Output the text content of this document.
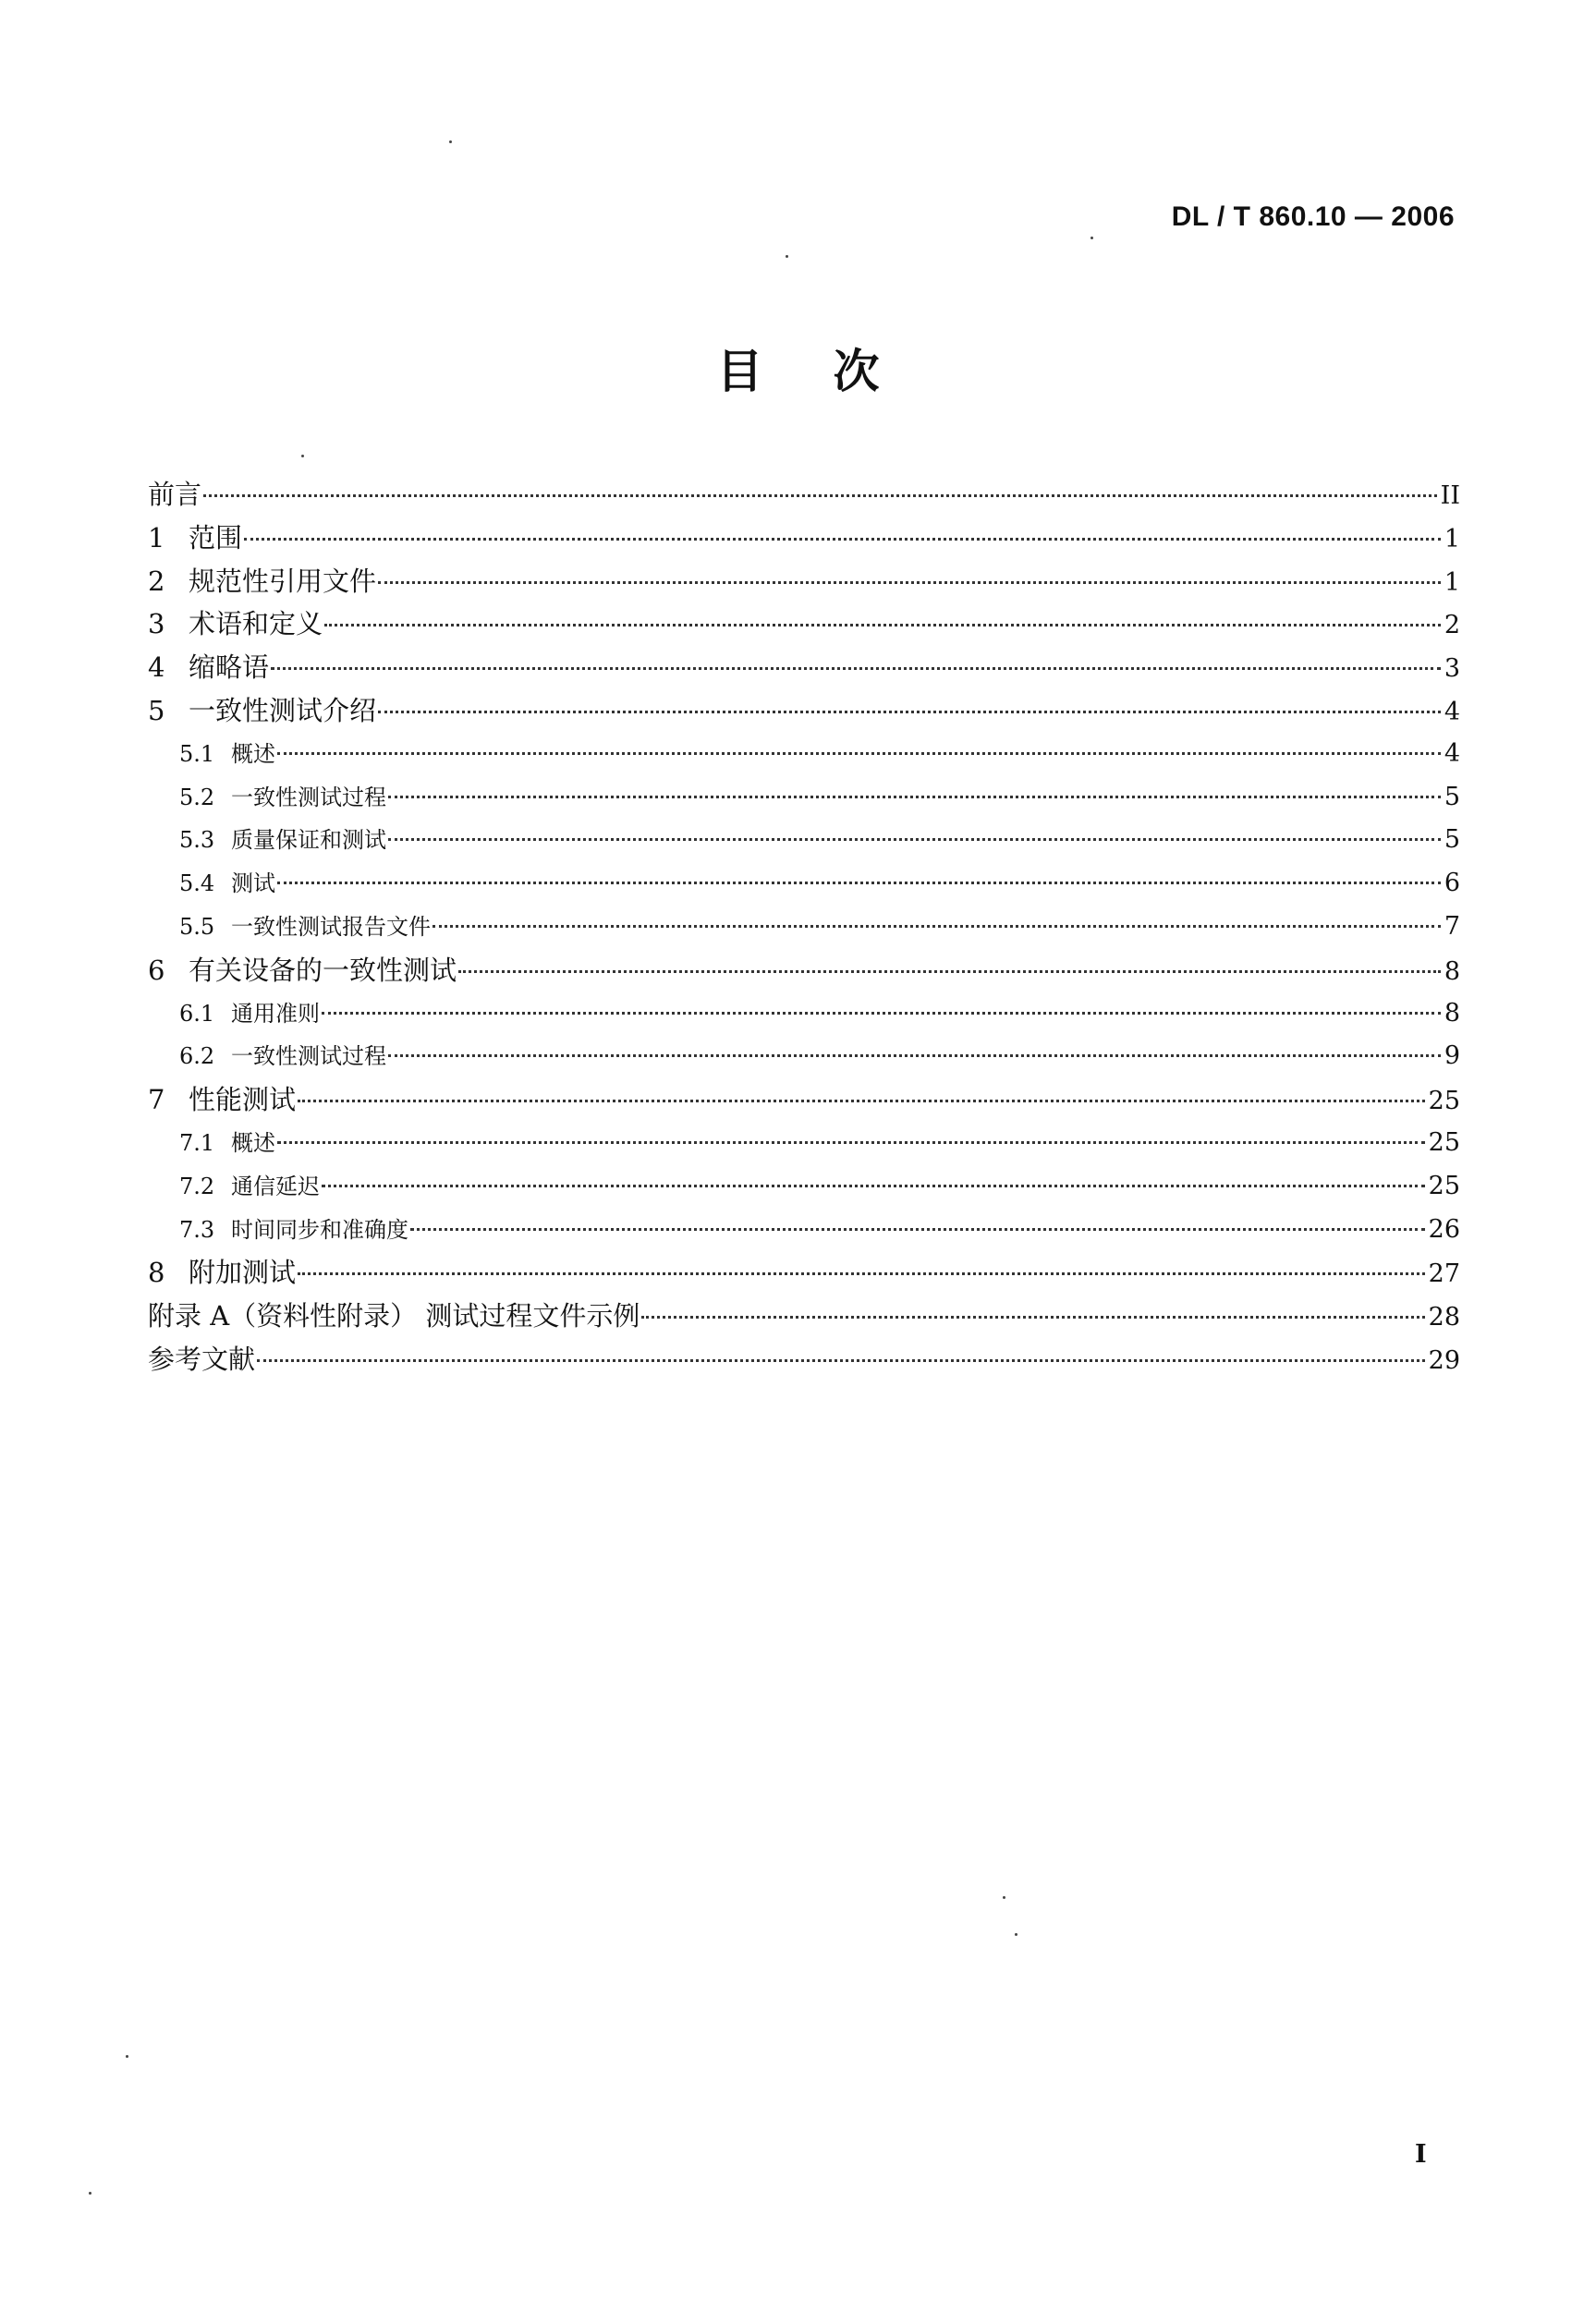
DL / T 860.10 — 2006
目次
前言	II
1 范围	1
2 规范性引用文件	1
3 术语和定义	2
4 缩略语	3
5 一致性测试介绍	4
5.1 概述	4
5.2 一致性测试过程	5
5.3 质量保证和测试	5
5.4 测试	6
5.5 一致性测试报告文件	7
6 有关设备的一致性测试	8
6.1 通用准则	8
6.2 一致性测试过程	9
7 性能测试	25
7.1 概述	25
7.2 通信延迟	25
7.3 时间同步和准确度	26
8 附加测试	27
附录 A（资料性附录） 测试过程文件示例	28
参考文献	29
I
